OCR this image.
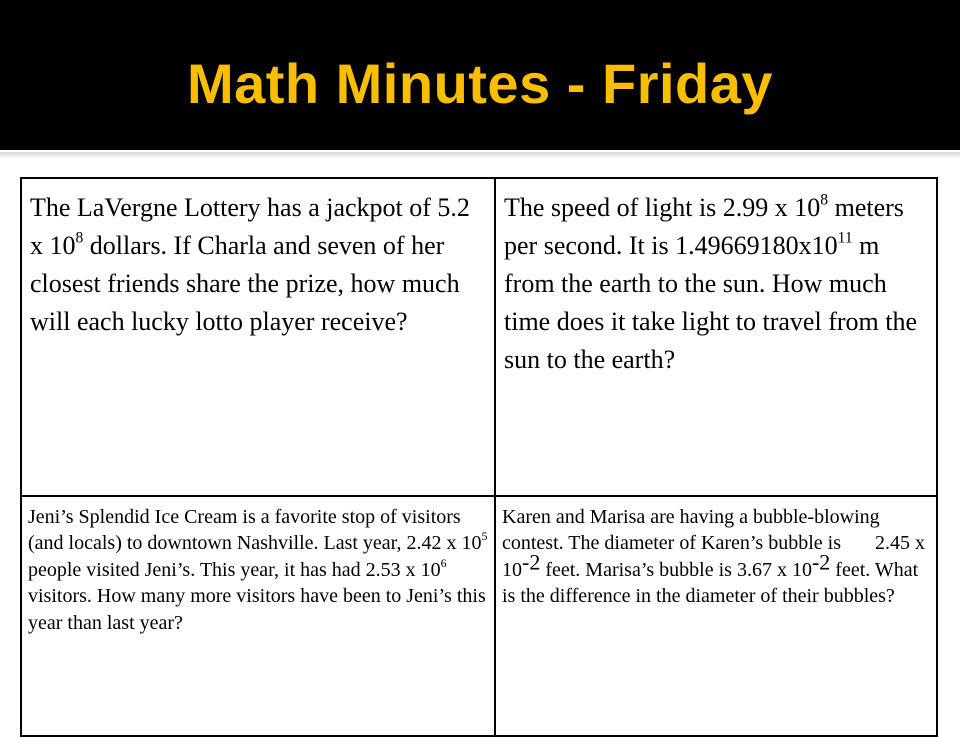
Math Minutes - Friday
The LaVergne Lottery has a jackpot of 5.2 x $10^8$ dollars. If Charla and seven of her closest friends share the prize, how much will each lucky lotto player receive?	The speed of light is 2.99 x $10^8$ meters per second. It is $1.49669180x10^{11}$ m from the earth to the sun. How much time does it take light to travel from the sun to the earth?
Jeni’s Splendid Ice Cream is a favorite stop of visitors (and locals) to downtown Nashville. Last year, 2.42 x $10^5$ people visited Jeni’s. This year, it has had 2.53 x $10^6$ visitors. How many more visitors have been to Jeni’s this year than last year?	Karen and Marisa are having a bubble-blowing contest. The diameter of Karen’s bubble is 2.45 x $10^{-2}$ feet. Marisa’s bubble is 3.67 x $10^{-2}$ feet. What is the difference in the diameter of their bubbles?
